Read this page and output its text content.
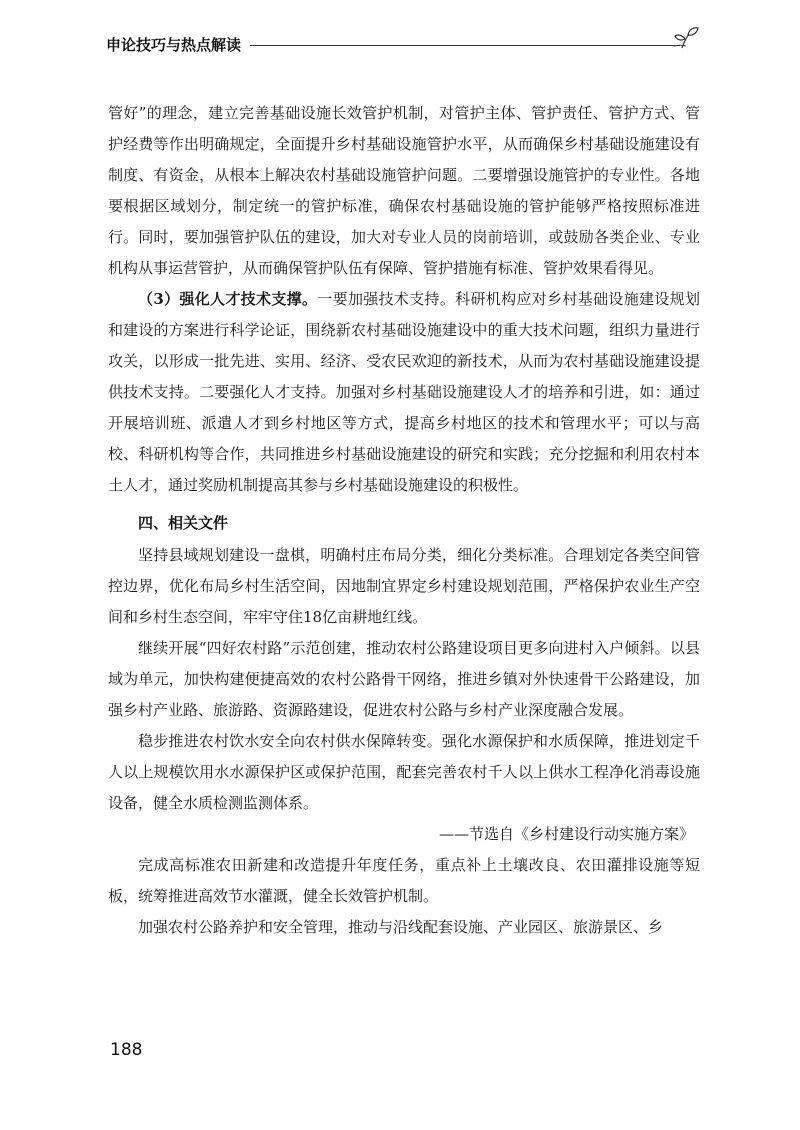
申论技巧与热点解读

管好”的理念，建立完善基础设施长效管护机制，对管护主体、管护责任、管护方式、管护经费等作出明确规定，全面提升乡村基础设施管护水平，从而确保乡村基础设施建设有制度、有资金，从根本上解决农村基础设施管护问题。二要增强设施管护的专业性。各地要根据区域划分，制定统一的管护标准，确保农村基础设施的管护能够严格按照标准进行。同时，要加强管护队伍的建设，加大对专业人员的岗前培训，或鼓励各类企业、专业机构从事运营管护，从而确保管护队伍有保障、管护措施有标准、管护效果看得见。

（3）强化人才技术支撑。一要加强技术支持。科研机构应对乡村基础设施建设规划和建设的方案进行科学论证，围绕新农村基础设施建设中的重大技术问题，组织力量进行攻关，以形成一批先进、实用、经济、受农民欢迎的新技术，从而为农村基础设施建设提供技术支持。二要强化人才支持。加强对乡村基础设施建设人才的培养和引进，如：通过开展培训班、派遣人才到乡村地区等方式，提高乡村地区的技术和管理水平；可以与高校、科研机构等合作，共同推进乡村基础设施建设的研究和实践；充分挖掘和利用农村本土人才，通过奖励机制提高其参与乡村基础设施建设的积极性。

四、相关文件

坚持县域规划建设一盘棋，明确村庄布局分类，细化分类标准。合理划定各类空间管控边界，优化布局乡村生活空间，因地制宜界定乡村建设规划范围，严格保护农业生产空间和乡村生态空间，牢牢守住18亿亩耕地红线。

继续开展“四好农村路”示范创建，推动农村公路建设项目更多向进村入户倾斜。以县域为单元，加快构建便捷高效的农村公路骨干网络，推进乡镇对外快速骨干公路建设，加强乡村产业路、旅游路、资源路建设，促进农村公路与乡村产业深度融合发展。

稳步推进农村饮水安全向农村供水保障转变。强化水源保护和水质保障，推进划定千人以上规模饮用水水源保护区或保护范围，配套完善农村千人以上供水工程净化消毒设施设备，健全水质检测监测体系。

——节选自《乡村建设行动实施方案》

完成高标准农田新建和改造提升年度任务，重点补上土壤改良、农田灌排设施等短板，统筹推进高效节水灌溉，健全长效管护机制。

加强农村公路养护和安全管理，推动与沿线配套设施、产业园区、旅游景区、乡

188
